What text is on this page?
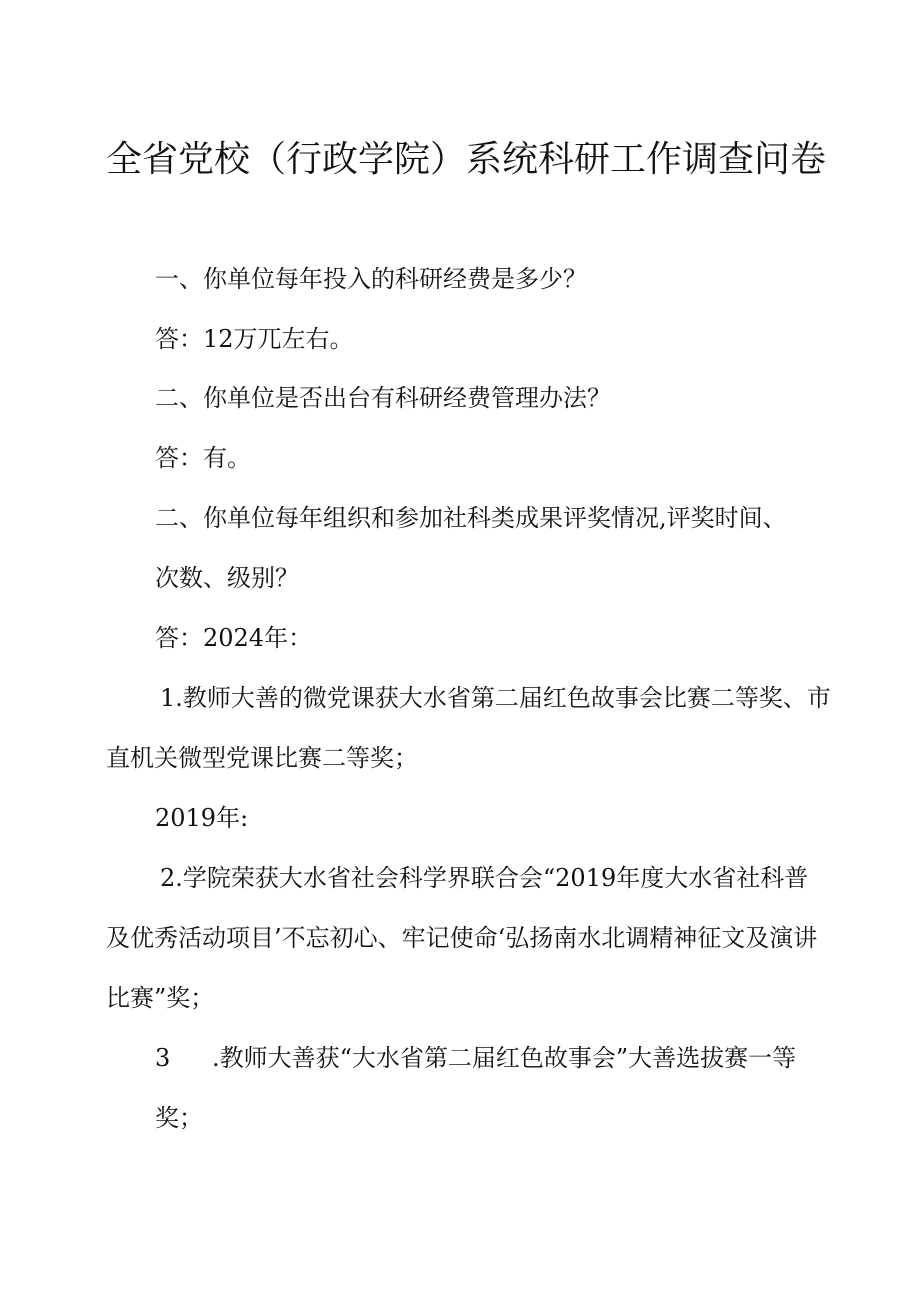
全省党校（行政学院）系统科研工作调查问卷
一、你单位每年投入的科研经费是多少？
答：12万兀左右。
二、你单位是否出台有科研经费管理办法？
答：有。
二、你单位每年组织和参加社科类成果评奖情况,评奖时间、
次数、级别？
答：2024年：
1.教师大善的微党课获大水省第二届红色故事会比赛二等奖、市
直机关微型党课比赛二等奖；
2019年:
2.学院荣获大水省社会科学界联合会“2019年度大水省社科普
及优秀活动项目’不忘初心、牢记使命‘弘扬南水北调精神征文及演讲
比赛”奖；
3 .教师大善获“大水省第二届红色故事会”大善选拔赛一等
奖；
